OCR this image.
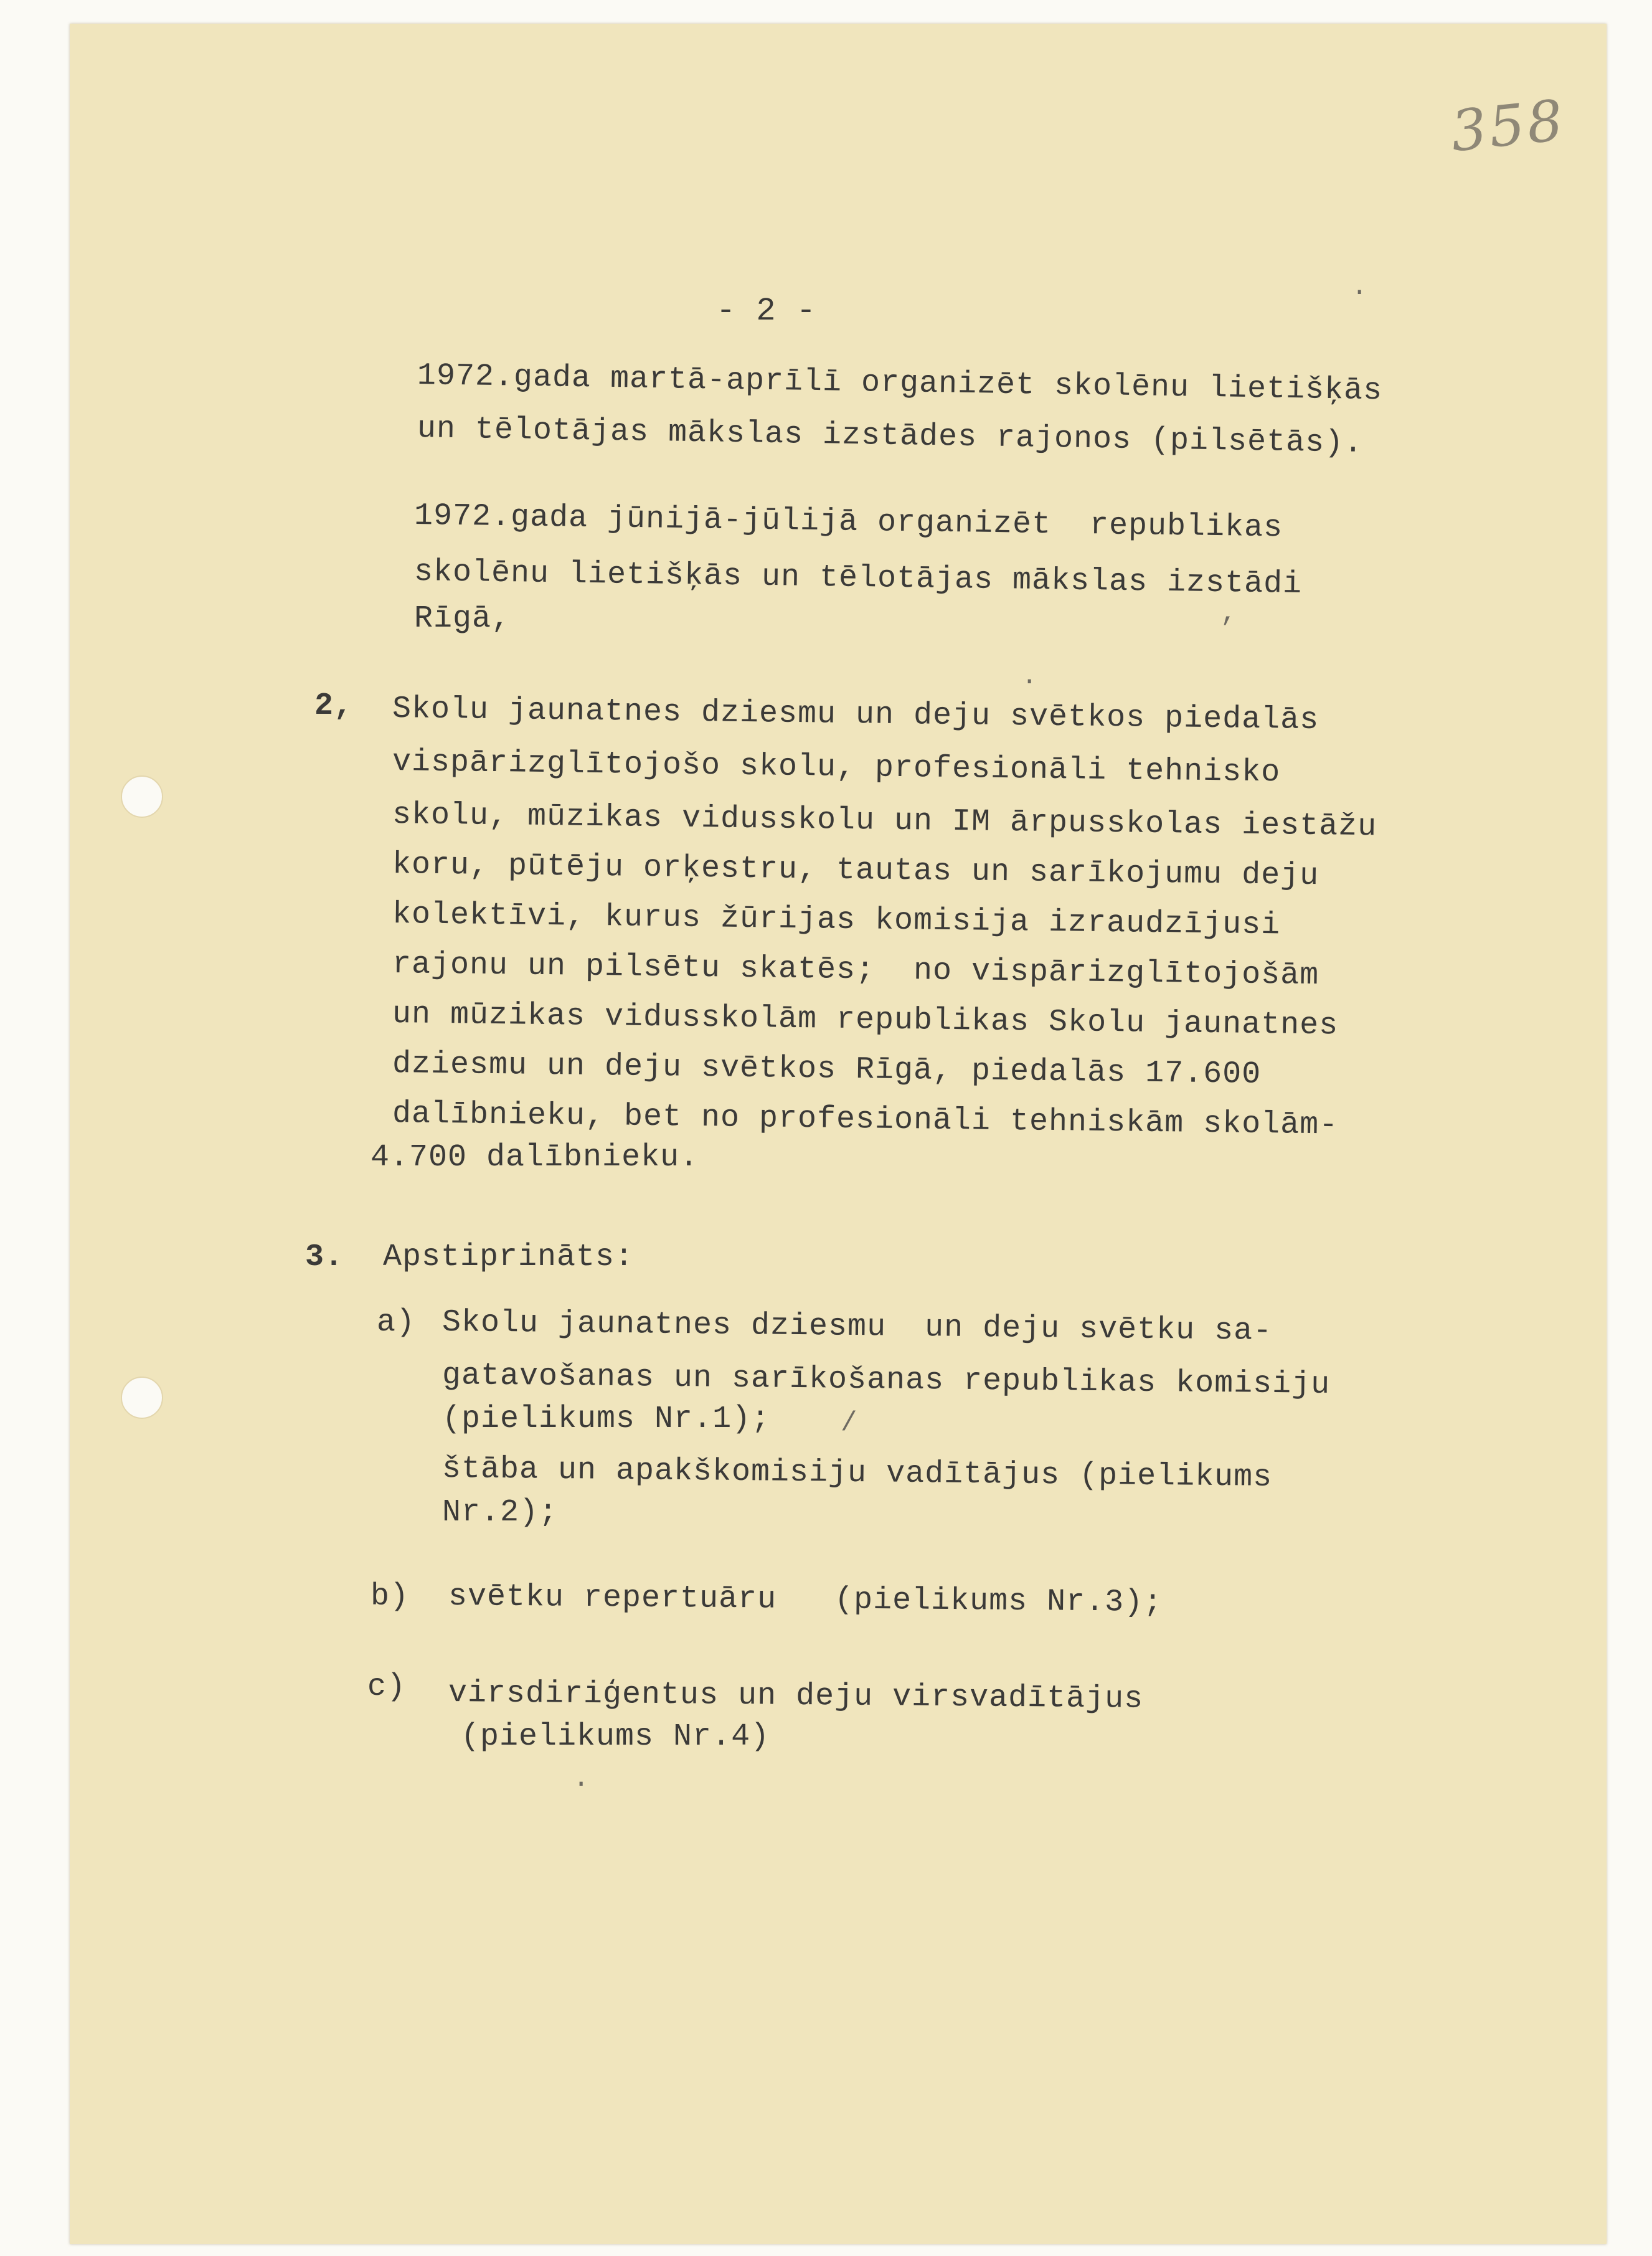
358
·
·
,
/
·
- 2 -
1972.gada martā-aprīlī organizēt skolēnu lietišķās
un tēlotājas mākslas izstādes rajonos (pilsētās).
1972.gada jūnijā-jūlijā organizēt  republikas
skolēnu lietišķās un tēlotājas mākslas izstādi
Rīgā,
2, Skolu jaunatnes dziesmu un deju svētkos piedalās
vispārizglītojošo skolu, profesionāli tehnisko
skolu, mūzikas vidusskolu un IM ārpusskolas iestāžu
koru, pūtēju orķestru, tautas un sarīkojumu deju
kolektīvi, kurus žūrijas komisija izraudzījusi
rajonu un pilsētu skatēs;  no vispārizglītojošām
un mūzikas vidusskolām republikas Skolu jaunatnes
dziesmu un deju svētkos Rīgā, piedalās 17.600
dalībnieku, bet no profesionāli tehniskām skolām-
4.700 dalībnieku.
3. Apstiprināts:
a) Skolu jaunatnes dziesmu  un deju svētku sa-
gatavošanas un sarīkošanas republikas komisiju
(pielikums Nr.1);
štāba un apakškomisiju vadītājus (pielikums
Nr.2);
b) svētku repertuāru   (pielikums Nr.3);
c) virsdiriģentus un deju virsvadītājus
(pielikums Nr.4)
